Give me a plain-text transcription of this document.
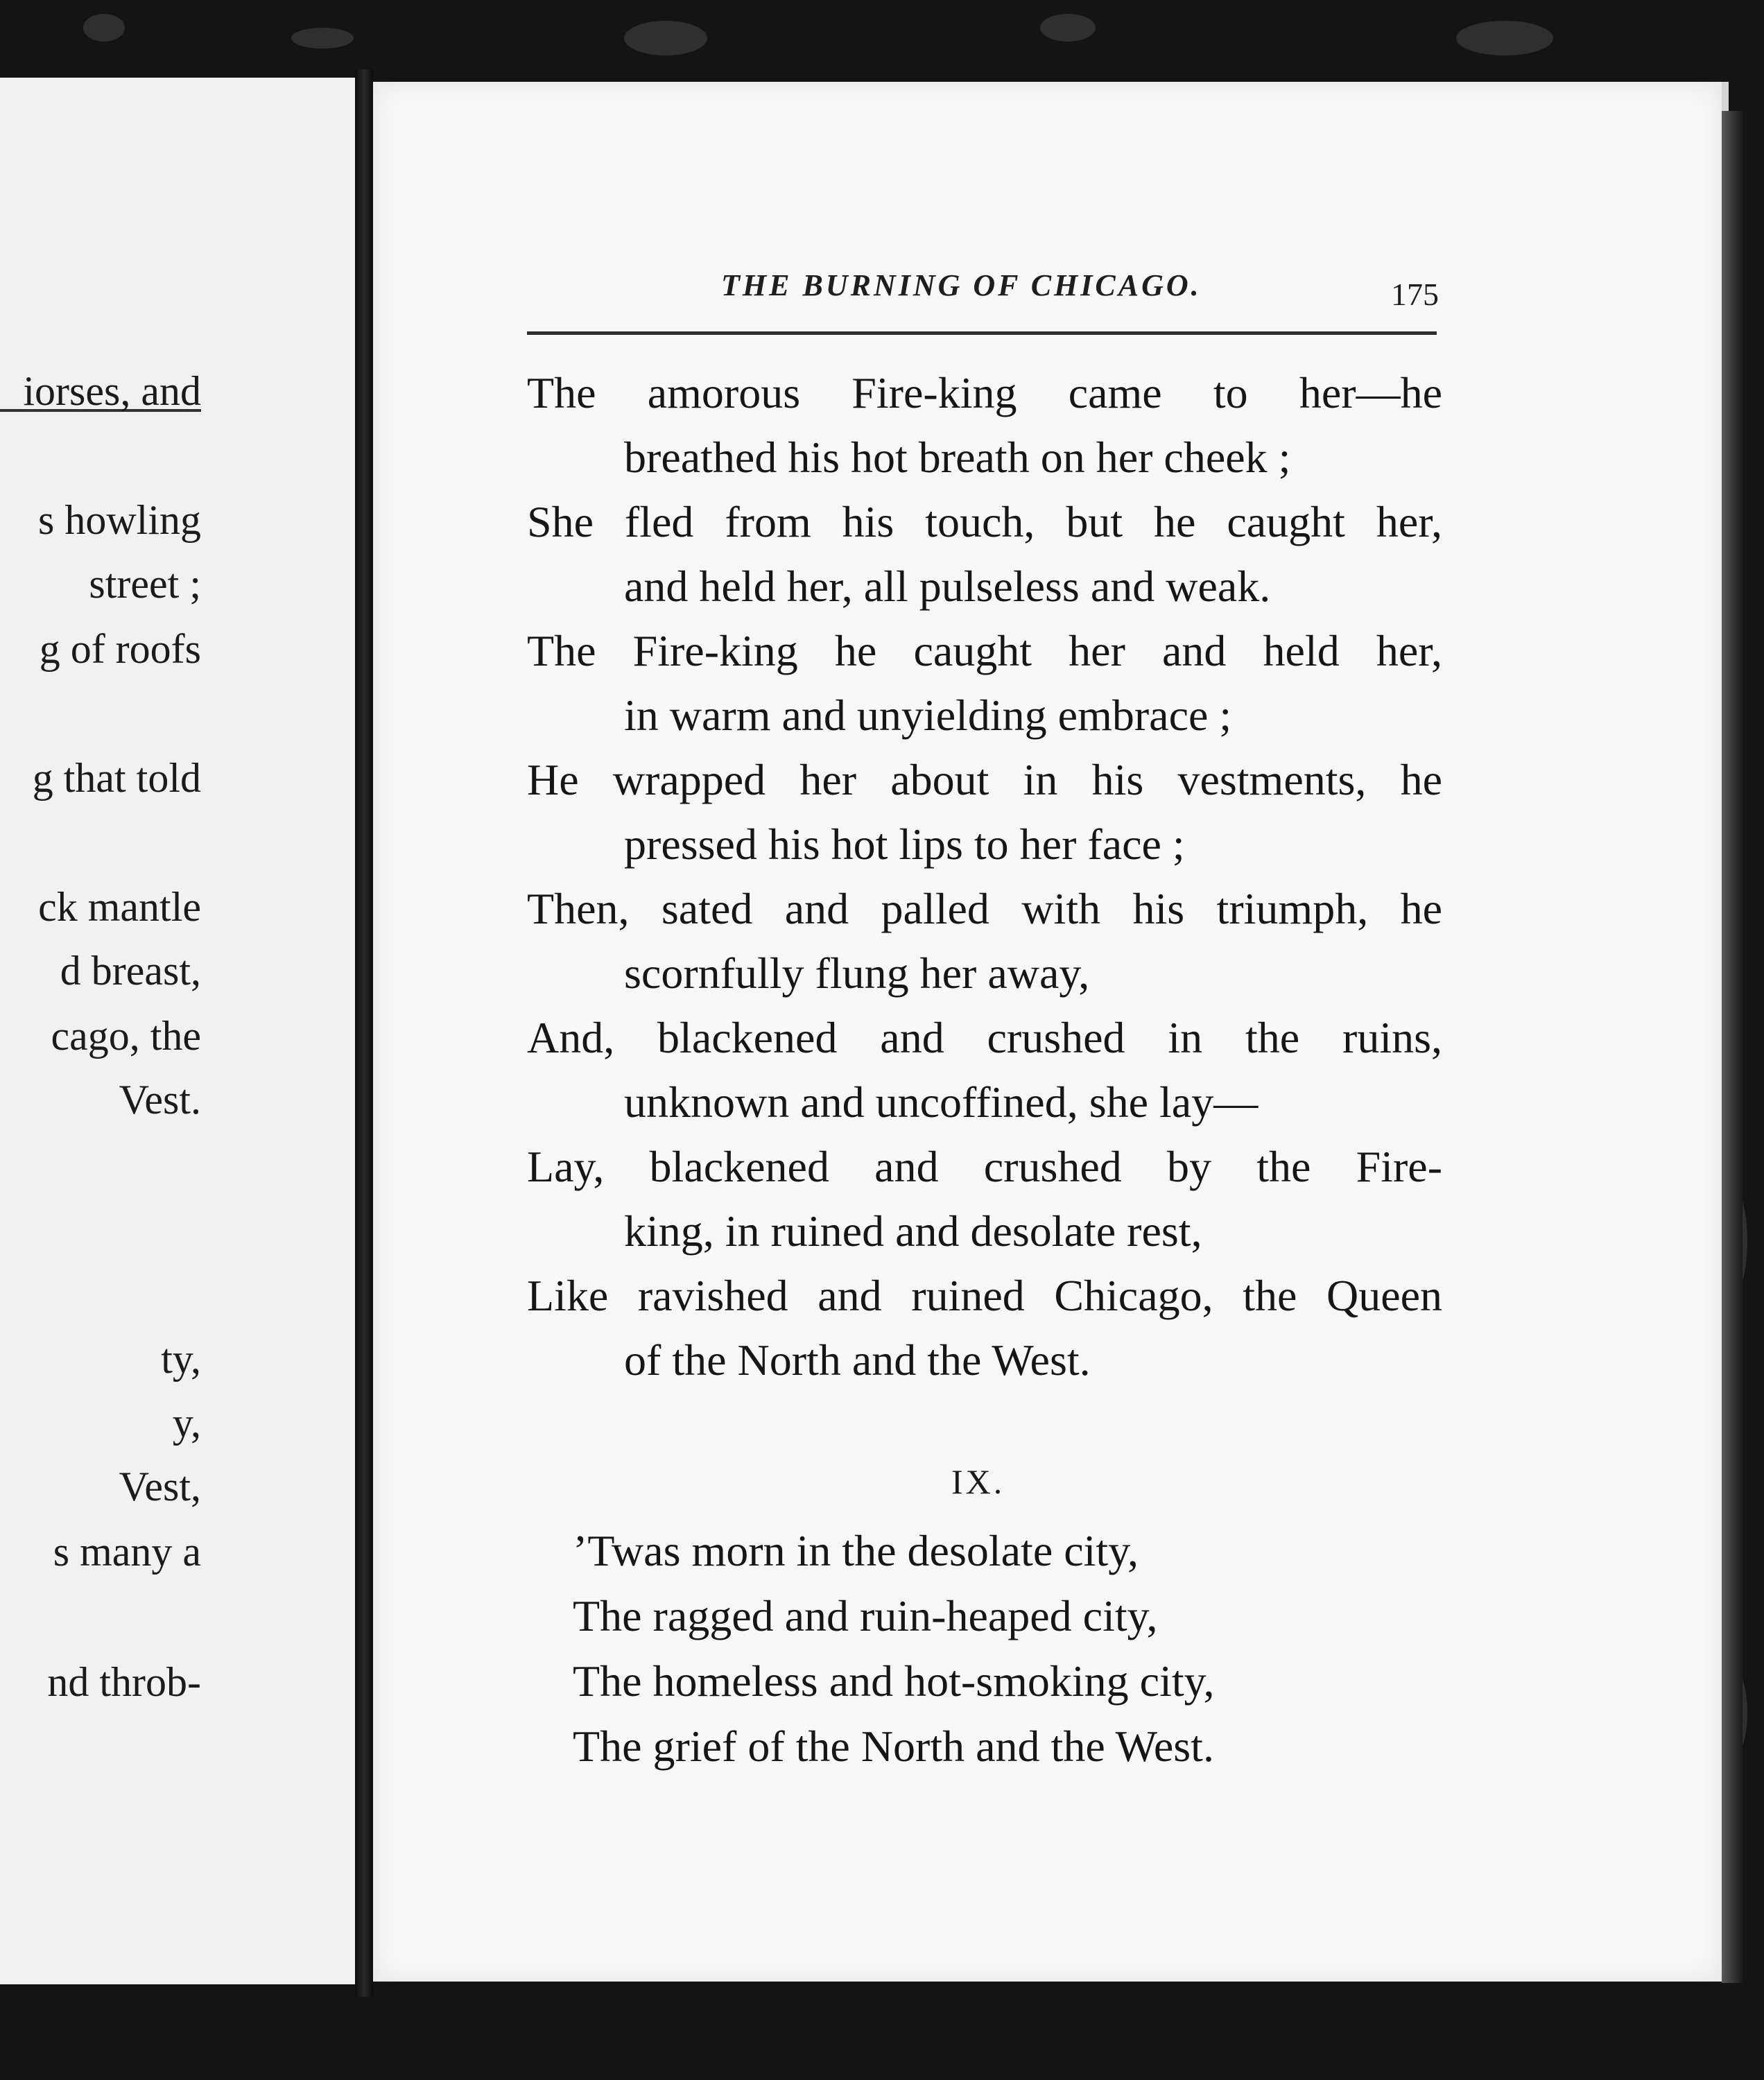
iorses, and
s howling
street ;
g of roofs
g that told
ck mantle
d breast,
cago, the
Vest.
ty,
y,
Vest,
s many a
nd throb-
THE BURNING OF CHICAGO.	175
The amorous Fire-king came to her—he
breathed his hot breath on her cheek ;
She fled from his touch, but he caught her,
and held her, all pulseless and weak.
The Fire-king he caught her and held her,
in warm and unyielding embrace ;
He wrapped her about in his vestments, he
pressed his hot lips to her face ;
Then, sated and palled with his triumph, he
scornfully flung her away,
And, blackened and crushed in the ruins,
unknown and uncoffined, she lay—
Lay, blackened and crushed by the Fire-
king, in ruined and desolate rest,
Like ravished and ruined Chicago, the Queen
of the North and the West.
IX.
’Twas morn in the desolate city,
The ragged and ruin-heaped city,
The homeless and hot-smoking city,
The grief of the North and the West.
